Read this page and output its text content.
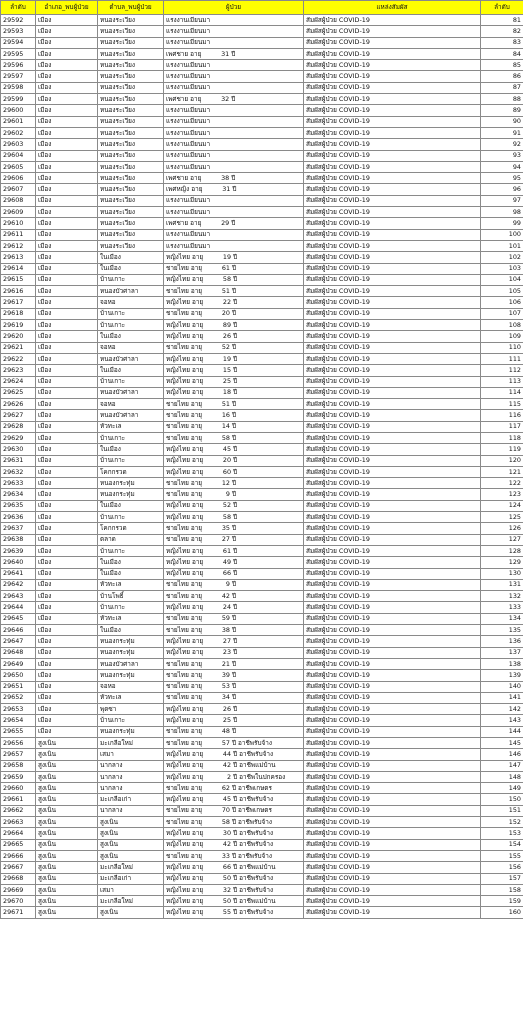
ลำดับ	อำเภอ_พบผู้ป่วย	ตำบล_พบผู้ป่วย	ผู้ป่วย	แหล่งสัมผัส	ลำดับ
29592	เมือง	หนองระเวียง	แรงงานเมียนมา	สัมผัสผู้ป่วย COVID-19	81
29593	เมือง	หนองระเวียง	แรงงานเมียนมา	สัมผัสผู้ป่วย COVID-19	82
29594	เมือง	หนองระเวียง	แรงงานเมียนมา	สัมผัสผู้ป่วย COVID-19	83
29595	เมือง	หนองระเวียง	เพศชาย อายุ 31 ปี	สัมผัสผู้ป่วย COVID-19	84
29596	เมือง	หนองระเวียง	แรงงานเมียนมา	สัมผัสผู้ป่วย COVID-19	85
29597	เมือง	หนองระเวียง	แรงงานเมียนมา	สัมผัสผู้ป่วย COVID-19	86
29598	เมือง	หนองระเวียง	แรงงานเมียนมา	สัมผัสผู้ป่วย COVID-19	87
29599	เมือง	หนองระเวียง	เพศชาย อายุ 32 ปี	สัมผัสผู้ป่วย COVID-19	88
29600	เมือง	หนองระเวียง	แรงงานเมียนมา	สัมผัสผู้ป่วย COVID-19	89
29601	เมือง	หนองระเวียง	แรงงานเมียนมา	สัมผัสผู้ป่วย COVID-19	90
29602	เมือง	หนองระเวียง	แรงงานเมียนมา	สัมผัสผู้ป่วย COVID-19	91
29603	เมือง	หนองระเวียง	แรงงานเมียนมา	สัมผัสผู้ป่วย COVID-19	92
29604	เมือง	หนองระเวียง	แรงงานเมียนมา	สัมผัสผู้ป่วย COVID-19	93
29605	เมือง	หนองระเวียง	แรงงานเมียนมา	สัมผัสผู้ป่วย COVID-19	94
29606	เมือง	หนองระเวียง	เพศชาย อายุ 38 ปี	สัมผัสผู้ป่วย COVID-19	95
29607	เมือง	หนองระเวียง	เพศหญิง อายุ 31 ปี	สัมผัสผู้ป่วย COVID-19	96
29608	เมือง	หนองระเวียง	แรงงานเมียนมา	สัมผัสผู้ป่วย COVID-19	97
29609	เมือง	หนองระเวียง	แรงงานเมียนมา	สัมผัสผู้ป่วย COVID-19	98
29610	เมือง	หนองระเวียง	เพศชาย อายุ 29 ปี	สัมผัสผู้ป่วย COVID-19	99
29611	เมือง	หนองระเวียง	แรงงานเมียนมา	สัมผัสผู้ป่วย COVID-19	100
29612	เมือง	หนองระเวียง	แรงงานเมียนมา	สัมผัสผู้ป่วย COVID-19	101
29613	เมือง	ในเมือง	หญิงไทย อายุ 19 ปี	สัมผัสผู้ป่วย COVID-19	102
29614	เมือง	ในเมือง	ชายไทย อายุ 61 ปี	สัมผัสผู้ป่วย COVID-19	103
29615	เมือง	บ้านเกาะ	หญิงไทย อายุ 58 ปี	สัมผัสผู้ป่วย COVID-19	104
29616	เมือง	หนองบัวศาลา	ชายไทย อายุ 51 ปี	สัมผัสผู้ป่วย COVID-19	105
29617	เมือง	จอหอ	หญิงไทย อายุ 22 ปี	สัมผัสผู้ป่วย COVID-19	106
29618	เมือง	บ้านเกาะ	ชายไทย อายุ 20 ปี	สัมผัสผู้ป่วย COVID-19	107
29619	เมือง	บ้านเกาะ	หญิงไทย อายุ 89 ปี	สัมผัสผู้ป่วย COVID-19	108
29620	เมือง	ในเมือง	หญิงไทย อายุ 26 ปี	สัมผัสผู้ป่วย COVID-19	109
29621	เมือง	จอหอ	ชายไทย อายุ 52 ปี	สัมผัสผู้ป่วย COVID-19	110
29622	เมือง	หนองบัวศาลา	หญิงไทย อายุ 19 ปี	สัมผัสผู้ป่วย COVID-19	111
29623	เมือง	ในเมือง	หญิงไทย อายุ 15 ปี	สัมผัสผู้ป่วย COVID-19	112
29624	เมือง	บ้านเกาะ	หญิงไทย อายุ 25 ปี	สัมผัสผู้ป่วย COVID-19	113
29625	เมือง	หนองบัวศาลา	หญิงไทย อายุ 18 ปี	สัมผัสผู้ป่วย COVID-19	114
29626	เมือง	จอหอ	ชายไทย อายุ 51 ปี	สัมผัสผู้ป่วย COVID-19	115
29627	เมือง	หนองบัวศาลา	ชายไทย อายุ 16 ปี	สัมผัสผู้ป่วย COVID-19	116
29628	เมือง	หัวทะเล	ชายไทย อายุ 14 ปี	สัมผัสผู้ป่วย COVID-19	117
29629	เมือง	บ้านเกาะ	ชายไทย อายุ 58 ปี	สัมผัสผู้ป่วย COVID-19	118
29630	เมือง	ในเมือง	หญิงไทย อายุ 45 ปี	สัมผัสผู้ป่วย COVID-19	119
29631	เมือง	บ้านเกาะ	หญิงไทย อายุ 20 ปี	สัมผัสผู้ป่วย COVID-19	120
29632	เมือง	โคกกรวด	หญิงไทย อายุ 60 ปี	สัมผัสผู้ป่วย COVID-19	121
29633	เมือง	หนองกระทุ่ม	ชายไทย อายุ 12 ปี	สัมผัสผู้ป่วย COVID-19	122
29634	เมือง	หนองกระทุ่ม	ชายไทย อายุ 9 ปี	สัมผัสผู้ป่วย COVID-19	123
29635	เมือง	ในเมือง	หญิงไทย อายุ 52 ปี	สัมผัสผู้ป่วย COVID-19	124
29636	เมือง	บ้านเกาะ	หญิงไทย อายุ 58 ปี	สัมผัสผู้ป่วย COVID-19	125
29637	เมือง	โคกกรวด	ชายไทย อายุ 35 ปี	สัมผัสผู้ป่วย COVID-19	126
29638	เมือง	ตลาด	ชายไทย อายุ 27 ปี	สัมผัสผู้ป่วย COVID-19	127
29639	เมือง	บ้านเกาะ	หญิงไทย อายุ 61 ปี	สัมผัสผู้ป่วย COVID-19	128
29640	เมือง	ในเมือง	หญิงไทย อายุ 49 ปี	สัมผัสผู้ป่วย COVID-19	129
29641	เมือง	ในเมือง	หญิงไทย อายุ 66 ปี	สัมผัสผู้ป่วย COVID-19	130
29642	เมือง	หัวทะเล	ชายไทย อายุ 9 ปี	สัมผัสผู้ป่วย COVID-19	131
29643	เมือง	บ้านโพธิ์	ชายไทย อายุ 42 ปี	สัมผัสผู้ป่วย COVID-19	132
29644	เมือง	บ้านเกาะ	หญิงไทย อายุ 24 ปี	สัมผัสผู้ป่วย COVID-19	133
29645	เมือง	หัวทะเล	ชายไทย อายุ 59 ปี	สัมผัสผู้ป่วย COVID-19	134
29646	เมือง	ในเมือง	ชายไทย อายุ 38 ปี	สัมผัสผู้ป่วย COVID-19	135
29647	เมือง	หนองกระทุ่ม	หญิงไทย อายุ 27 ปี	สัมผัสผู้ป่วย COVID-19	136
29648	เมือง	หนองกระทุ่ม	หญิงไทย อายุ 23 ปี	สัมผัสผู้ป่วย COVID-19	137
29649	เมือง	หนองบัวศาลา	ชายไทย อายุ 21 ปี	สัมผัสผู้ป่วย COVID-19	138
29650	เมือง	หนองกระทุ่ม	ชายไทย อายุ 39 ปี	สัมผัสผู้ป่วย COVID-19	139
29651	เมือง	จอหอ	ชายไทย อายุ 53 ปี	สัมผัสผู้ป่วย COVID-19	140
29652	เมือง	หัวทะเล	ชายไทย อายุ 34 ปี	สัมผัสผู้ป่วย COVID-19	141
29653	เมือง	พุดซา	หญิงไทย อายุ 26 ปี	สัมผัสผู้ป่วย COVID-19	142
29654	เมือง	บ้านเกาะ	หญิงไทย อายุ 25 ปี	สัมผัสผู้ป่วย COVID-19	143
29655	เมือง	หนองกระทุ่ม	ชายไทย อายุ 48 ปี	สัมผัสผู้ป่วย COVID-19	144
29656	สูงเนิน	มะเกลือใหม่	ชายไทย อายุ 57 ปี อาชีพรับจ้าง	สัมผัสผู้ป่วย COVID-19	145
29657	สูงเนิน	เสมา	หญิงไทย อายุ 44 ปี อาชีพรับจ้าง	สัมผัสผู้ป่วย COVID-19	146
29658	สูงเนิน	นากลาง	หญิงไทย อายุ 42 ปี อาชีพแม่บ้าน	สัมผัสผู้ป่วย COVID-19	147
29659	สูงเนิน	นากลาง	หญิงไทย อายุ 2 ปี อาชีพในปกครอง	สัมผัสผู้ป่วย COVID-19	148
29660	สูงเนิน	นากลาง	ชายไทย อายุ 62 ปี อาชีพเกษตร	สัมผัสผู้ป่วย COVID-19	149
29661	สูงเนิน	มะเกลือเก่า	หญิงไทย อายุ 45 ปี อาชีพรับจ้าง	สัมผัสผู้ป่วย COVID-19	150
29662	สูงเนิน	นากลาง	ชายไทย อายุ 70 ปี อาชีพเกษตร	สัมผัสผู้ป่วย COVID-19	151
29663	สูงเนิน	สูงเนิน	ชายไทย อายุ 58 ปี อาชีพรับจ้าง	สัมผัสผู้ป่วย COVID-19	152
29664	สูงเนิน	สูงเนิน	หญิงไทย อายุ 30 ปี อาชีพรับจ้าง	สัมผัสผู้ป่วย COVID-19	153
29665	สูงเนิน	สูงเนิน	หญิงไทย อายุ 42 ปี อาชีพรับจ้าง	สัมผัสผู้ป่วย COVID-19	154
29666	สูงเนิน	สูงเนิน	ชายไทย อายุ 33 ปี อาชีพรับจ้าง	สัมผัสผู้ป่วย COVID-19	155
29667	สูงเนิน	มะเกลือใหม่	หญิงไทย อายุ 66 ปี อาชีพแม่บ้าน	สัมผัสผู้ป่วย COVID-19	156
29668	สูงเนิน	มะเกลือเก่า	หญิงไทย อายุ 50 ปี อาชีพรับจ้าง	สัมผัสผู้ป่วย COVID-19	157
29669	สูงเนิน	เสมา	หญิงไทย อายุ 32 ปี อาชีพรับจ้าง	สัมผัสผู้ป่วย COVID-19	158
29670	สูงเนิน	มะเกลือใหม่	หญิงไทย อายุ 50 ปี อาชีพแม่บ้าน	สัมผัสผู้ป่วย COVID-19	159
29671	สูงเนิน	สูงเนิน	หญิงไทย อายุ 55 ปี อาชีพรับจ้าง	สัมผัสผู้ป่วย COVID-19	160
